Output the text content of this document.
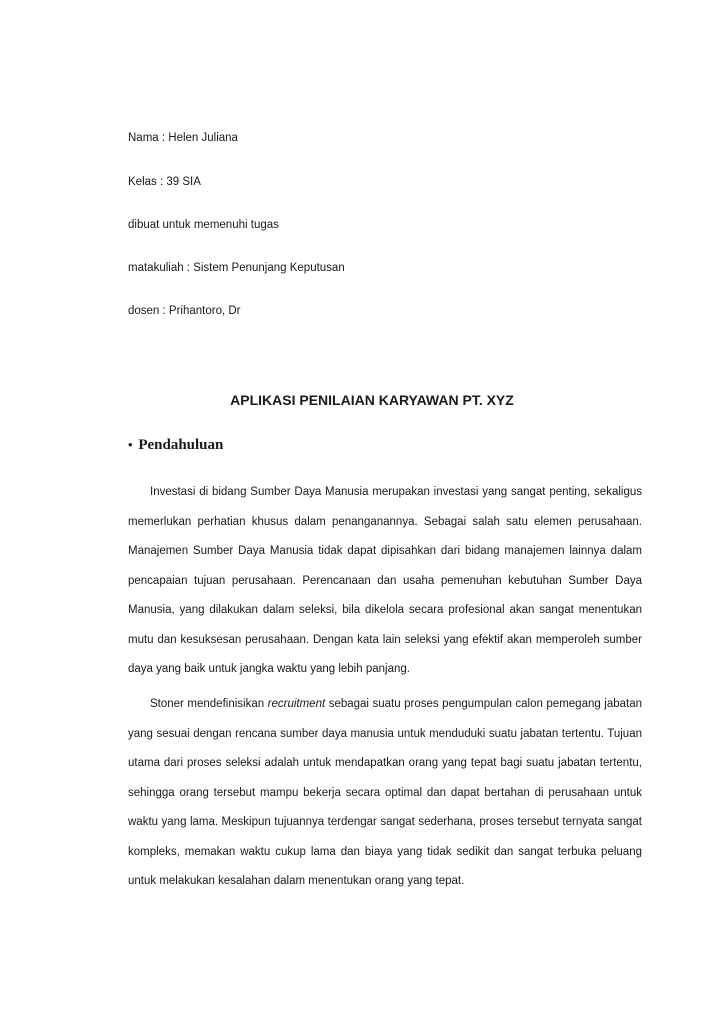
Nama : Helen Juliana
Kelas : 39 SIA
dibuat untuk memenuhi tugas
matakuliah : Sistem Penunjang Keputusan
dosen : Prihantoro, Dr
APLIKASI PENILAIAN KARYAWAN PT. XYZ
• Pendahuluan

Investasi di bidang Sumber Daya Manusia merupakan investasi yang sangat penting, sekaligus memerlukan perhatian khusus dalam penanganannya. Sebagai salah satu elemen perusahaan. Manajemen Sumber Daya Manusia tidak dapat dipisahkan dari bidang manajemen lainnya dalam pencapaian tujuan perusahaan. Perencanaan dan usaha pemenuhan kebutuhan Sumber Daya Manusia, yang dilakukan dalam seleksi, bila dikelola secara profesional akan sangat menentukan mutu dan kesuksesan perusahaan. Dengan kata lain seleksi yang efektif akan memperoleh sumber daya yang baik untuk jangka waktu yang lebih panjang.

Stoner mendefinisikan recruitment sebagai suatu proses pengumpulan calon pemegang jabatan yang sesuai dengan rencana sumber daya manusia untuk menduduki suatu jabatan tertentu. Tujuan utama dari proses seleksi adalah untuk mendapatkan orang yang tepat bagi suatu jabatan tertentu, sehingga orang tersebut mampu bekerja secara optimal dan dapat bertahan di perusahaan untuk waktu yang lama. Meskipun tujuannya terdengar sangat sederhana, proses tersebut ternyata sangat kompleks, memakan waktu cukup lama dan biaya yang tidak sedikit dan sangat terbuka peluang untuk melakukan kesalahan dalam menentukan orang yang tepat.
